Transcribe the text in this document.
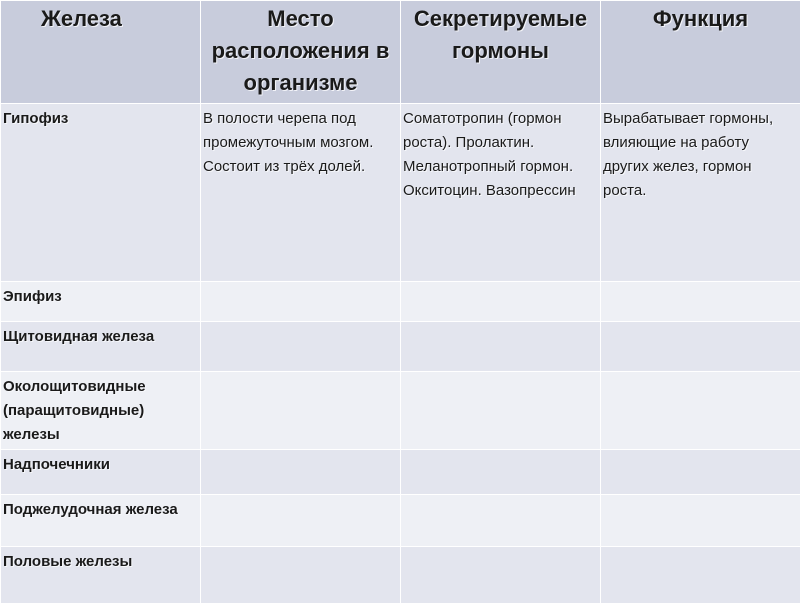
Железа	Место расположения в организме	Секретируемые гормоны	Функция
Гипофиз	В полости черепа под промежуточным мозгом. Состоит из трёх долей.	Соматотропин (гормон роста). Пролактин. Меланотропный гормон. Окситоцин. Вазопрессин	Вырабатывает гормоны, влияющие на работу других желез, гормон роста.
Эпифиз			
Щитовидная железа			
Околощитовидные (паращитовидные) железы			
Надпочечники			
Поджелудочная железа			
Половые железы			
